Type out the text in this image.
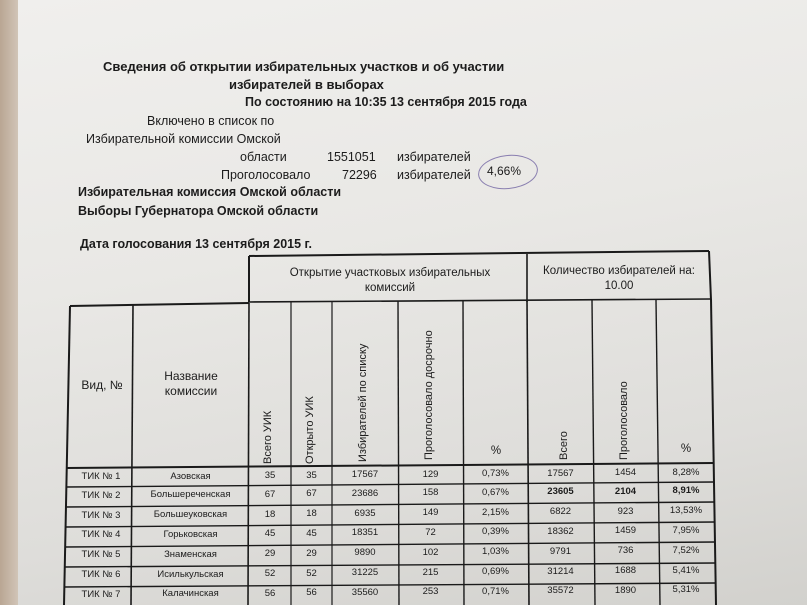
Сведения об открытии избирательных участков и об участии
избирателей в выборах
По состоянию на 10:35 13 сентября 2015 года
Включено в список по
Избирательной комиссии Омской
области	1551051 избирателей
Проголосовало	72296 избирателей 4,66%
Избирательная комиссия Омской области
Выборы Губернатора Омской области
Дата голосования 13 сентября 2015 г.
Открытие участковых избирательных
комиссий
Количество избирателей на:
10.00
Вид, №
Название
комиссии
Всего УИК	Открыто УИК	Избирателей по списку	Проголосовало досрочно	%	Всего	Проголосовало	%
ТИК № 1	Азовская	35	35	17567	129	0,73%	17567	1454	8,28%
ТИК № 2	Большереченская	67	67	23686	158	0,67%	23605	2104	8,91%
ТИК № 3	Большеуковская	18	18	6935	149	2,15%	6822	923	13,53%
ТИК № 4	Горьковская	45	45	18351	72	0,39%	18362	1459	7,95%
ТИК № 5	Знаменская	29	29	9890	102	1,03%	9791	736	7,52%
ТИК № 6	Исилькульская	52	52	31225	215	0,69%	31214	1688	5,41%
ТИК № 7	Калачинская	56	56	35560	253	0,71%	35572	1890	5,31%
